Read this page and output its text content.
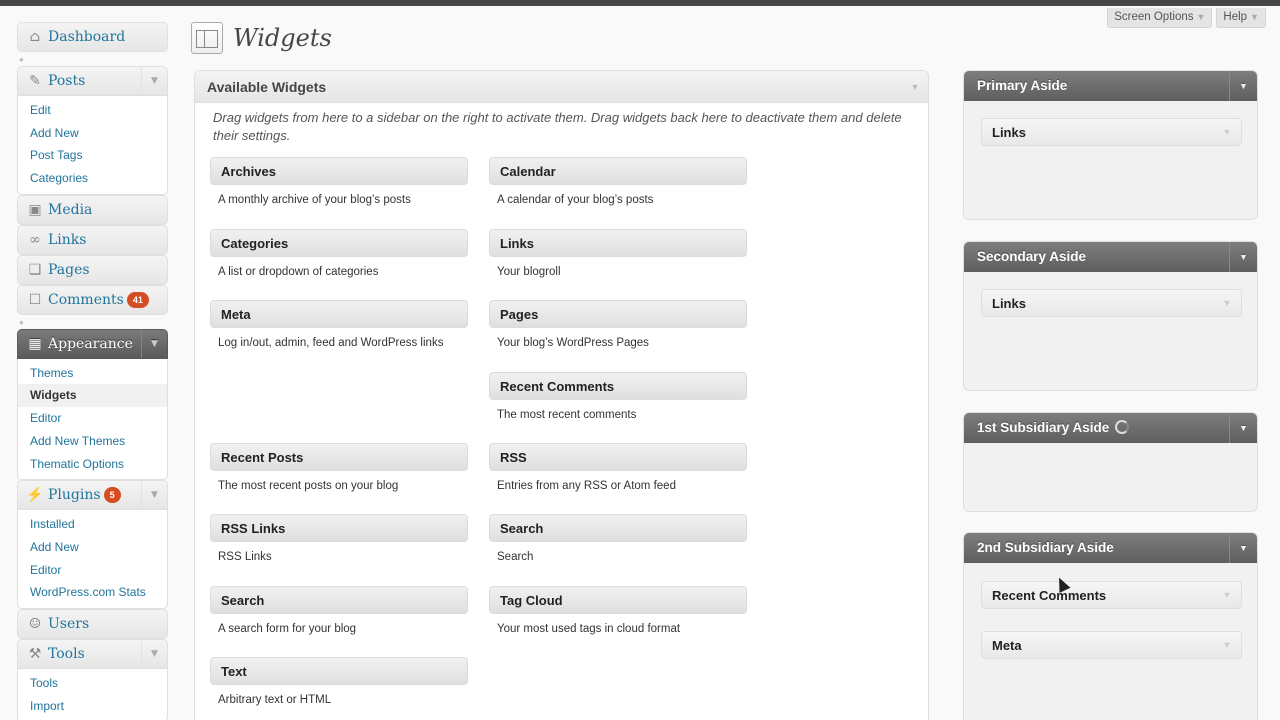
Screen Options ▼	Help ▼
⌂ Dashboard
●
✎ Posts	▼
Edit
Add New
Post Tags
Categories
▣ Media
∞ Links
❏ Pages
☐ Comments	41
●
▦ Appearance	▼
Themes
Widgets
Editor
Add New Themes
Thematic Options
⚡ Plugins	5	▼
Installed
Add New
Editor
WordPress.com Stats
☺ Users
⚒ Tools	▼
Tools
Import
Widgets
Available Widgets	▼
Drag widgets from here to a sidebar on the right to activate them. Drag widgets back here to deactivate them and delete their settings.
Archives
A monthly archive of your blog’s posts
Calendar
A calendar of your blog’s posts
Categories
A list or dropdown of categories
Links
Your blogroll
Meta
Log in/out, admin, feed and WordPress links
Pages
Your blog’s WordPress Pages
Recent Comments
The most recent comments
Recent Posts
The most recent posts on your blog
RSS
Entries from any RSS or Atom feed
RSS Links
RSS Links
Search
Search
Search
A search form for your blog
Tag Cloud
Your most used tags in cloud format
Text
Arbitrary text or HTML
Primary Aside	▼
Links	▼
Secondary Aside	▼
Links	▼
1st Subsidiary Aside	▼
2nd Subsidiary Aside	▼
Recent Comments	▼
Meta	▼
